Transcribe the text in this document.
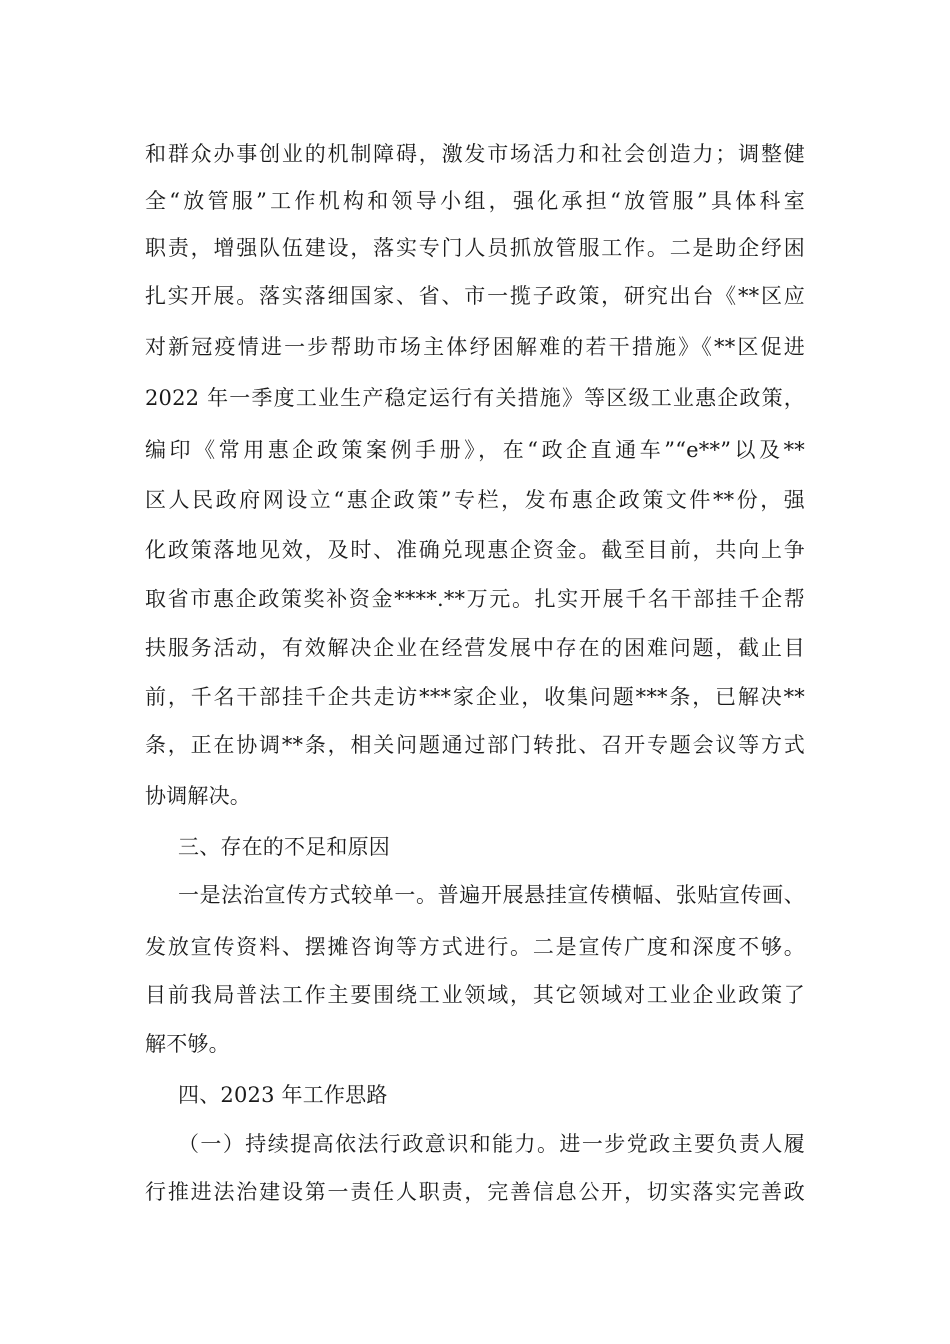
和群众办事创业的机制障碍，激发市场活力和社会创造力；调整健
全“放管服”工作机构和领导小组，强化承担“放管服”具体科室
职责，增强队伍建设，落实专门人员抓放管服工作。二是助企纾困
扎实开展。落实落细国家、省、市一揽子政策，研究出台《**区应
对新冠疫情进一步帮助市场主体纾困解难的若干措施》《**区促进
2022 年一季度工业生产稳定运行有关措施》等区级工业惠企政策，
编印《常用惠企政策案例手册》，在“政企直通车”“e**”以及**
区人民政府网设立“惠企政策”专栏，发布惠企政策文件**份，强
化政策落地见效，及时、准确兑现惠企资金。截至目前，共向上争
取省市惠企政策奖补资金****.**万元。扎实开展千名干部挂千企帮
扶服务活动，有效解决企业在经营发展中存在的困难问题，截止目
前，千名干部挂千企共走访***家企业，收集问题***条，已解决**
条，正在协调**条，相关问题通过部门转批、召开专题会议等方式
协调解决。
三、存在的不足和原因
一是法治宣传方式较单一。普遍开展悬挂宣传横幅、张贴宣传画、
发放宣传资料、摆摊咨询等方式进行。二是宣传广度和深度不够。
目前我局普法工作主要围绕工业领域，其它领域对工业企业政策了
解不够。
四、2023 年工作思路
（一）持续提高依法行政意识和能力。进一步党政主要负责人履
行推进法治建设第一责任人职责，完善信息公开，切实落实完善政
